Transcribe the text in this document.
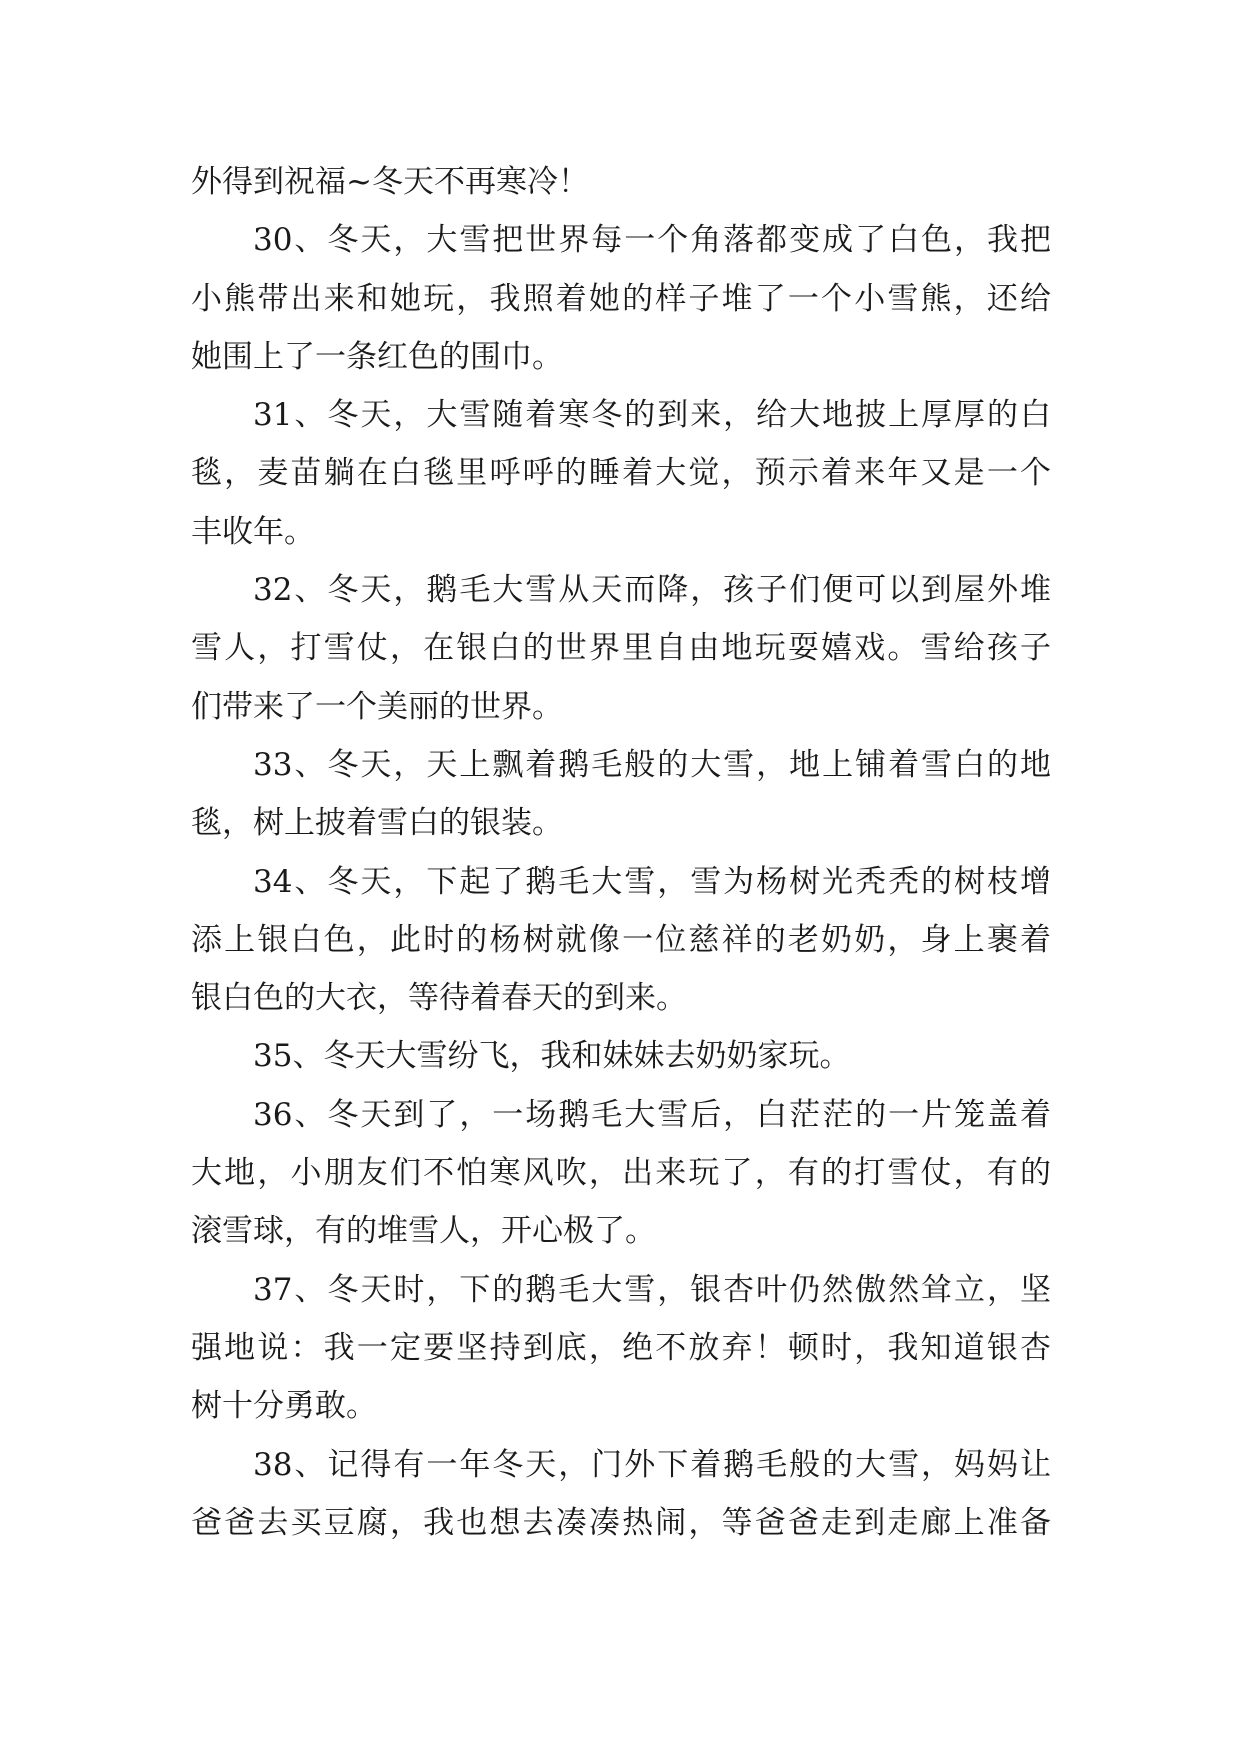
外得到祝福~冬天不再寒冷！
30、冬天，大雪把世界每一个角落都变成了白色，我把
小熊带出来和她玩，我照着她的样子堆了一个小雪熊，还给
她围上了一条红色的围巾。
31、冬天，大雪随着寒冬的到来，给大地披上厚厚的白
毯，麦苗躺在白毯里呼呼的睡着大觉，预示着来年又是一个
丰收年。
32、冬天，鹅毛大雪从天而降，孩子们便可以到屋外堆
雪人，打雪仗，在银白的世界里自由地玩耍嬉戏。雪给孩子
们带来了一个美丽的世界。
33、冬天，天上飘着鹅毛般的大雪，地上铺着雪白的地
毯，树上披着雪白的银装。
34、冬天，下起了鹅毛大雪，雪为杨树光秃秃的树枝增
添上银白色，此时的杨树就像一位慈祥的老奶奶，身上裹着
银白色的大衣，等待着春天的到来。
35、冬天大雪纷飞，我和妹妹去奶奶家玩。
36、冬天到了，一场鹅毛大雪后，白茫茫的一片笼盖着
大地，小朋友们不怕寒风吹，出来玩了，有的打雪仗，有的
滚雪球，有的堆雪人，开心极了。
37、冬天时，下的鹅毛大雪，银杏叶仍然傲然耸立，坚
强地说：我一定要坚持到底，绝不放弃！顿时，我知道银杏
树十分勇敢。
38、记得有一年冬天，门外下着鹅毛般的大雪，妈妈让
爸爸去买豆腐，我也想去凑凑热闹，等爸爸走到走廊上准备
